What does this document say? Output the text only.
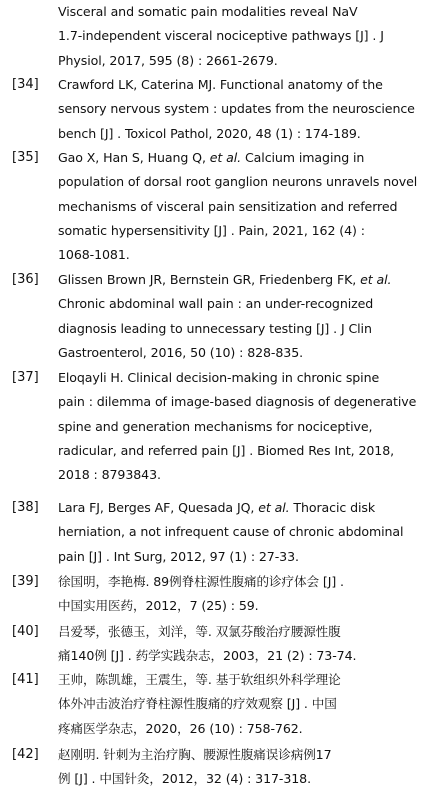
Visceral and somatic pain modalities reveal NaV
1.7-independent visceral nociceptive pathways [J] . J
Physiol, 2017, 595 (8) : 2661-2679.
[34] Crawford LK, Caterina MJ. Functional anatomy of the
sensory nervous system : updates from the neuroscience
bench [J] . Toxicol Pathol, 2020, 48 (1) : 174-189.
[35] Gao X, Han S, Huang Q, et al. Calcium imaging in
population of dorsal root ganglion neurons unravels novel
mechanisms of visceral pain sensitization and referred
somatic hypersensitivity [J] . Pain, 2021, 162 (4) :
1068-1081.
[36] Glissen Brown JR, Bernstein GR, Friedenberg FK, et al.
Chronic abdominal wall pain : an under-recognized
diagnosis leading to unnecessary testing [J] . J Clin
Gastroenterol, 2016, 50 (10) : 828-835.
[37] Eloqayli H. Clinical decision-making in chronic spine
pain : dilemma of image-based diagnosis of degenerative
spine and generation mechanisms for nociceptive,
radicular, and referred pain [J] . Biomed Res Int, 2018,
2018 : 8793843.
[38] Lara FJ, Berges AF, Quesada JQ, et al. Thoracic disk
herniation, a not infrequent cause of chronic abdominal
pain [J] . Int Surg, 2012, 97 (1) : 27-33.
[39] 徐国明，李艳梅. 89例脊柱源性腹痛的诊疗体会 [J] .
中国实用医药，2012，7 (25) : 59.
[40] 吕爱琴，张德玉，刘洋，等. 双氯芬酸治疗腰源性腹
痛140例 [J] . 药学实践杂志，2003，21 (2) : 73-74.
[41] 王帅，陈凯雄，王震生，等. 基于软组织外科学理论
体外冲击波治疗脊柱源性腹痛的疗效观察 [J] . 中国
疼痛医学杂志，2020，26 (10) : 758-762.
[42] 赵刚明. 针刺为主治疗胸、腰源性腹痛误诊病例17
例 [J] . 中国针灸，2012，32 (4) : 317-318.
